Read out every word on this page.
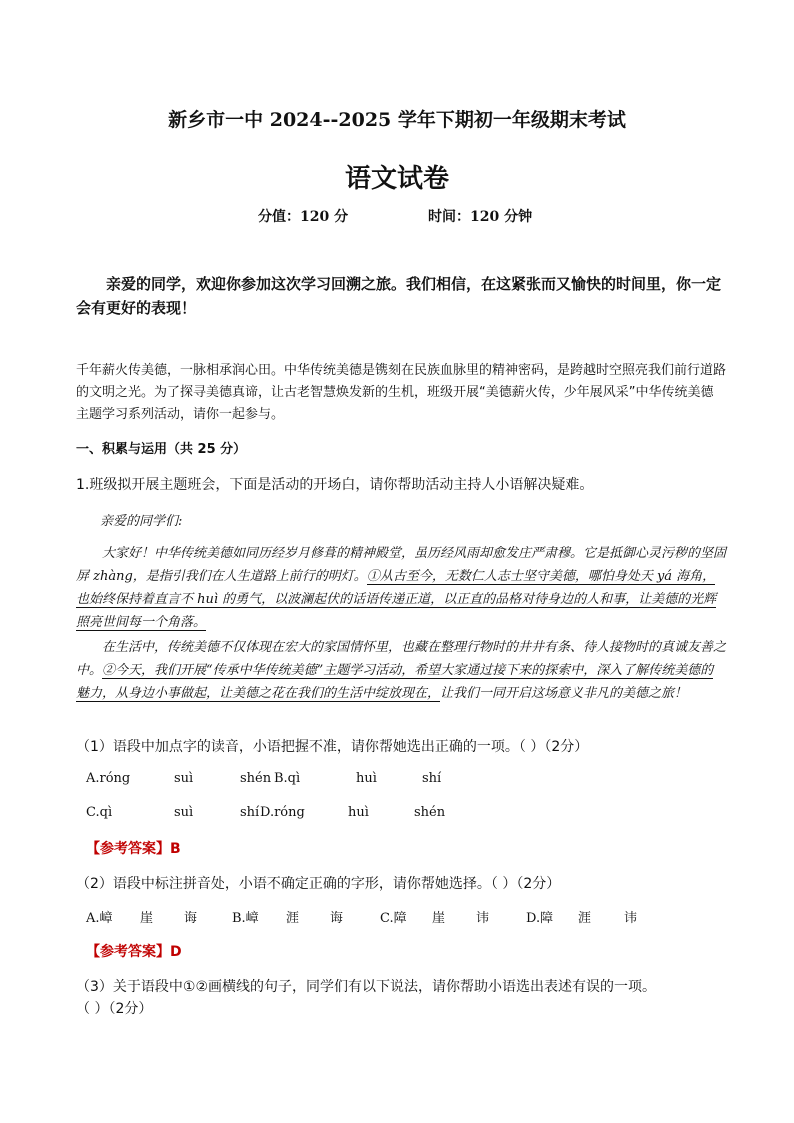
新乡市一中 2024--2025 学年下期初一年级期末考试
语文试卷
分值：120 分	时间：120 分钟
亲爱的同学，欢迎你参加这次学习回溯之旅。我们相信，在这紧张而又愉快的时间里，你一定会有更好的表现！
千年薪火传美德，一脉相承润心田。中华传统美德是镌刻在民族血脉里的精神密码，是跨越时空照亮我们前行道路的文明之光。为了探寻美德真谛，让古老智慧焕发新的生机，班级开展“美德薪火传，少年展风采”中华传统美德主题学习系列活动，请你一起参与。
一、积累与运用（共 25 分）
1.班级拟开展主题班会，下面是活动的开场白，请你帮助活动主持人小语解决疑难。
亲爱的同学们:
大家好！中华传统美德如同历经岁月修葺的精神殿堂，虽历经风雨却愈发庄严肃穆。它是抵御心灵污秽的坚固屏 zhàng，是指引我们在人生道路上前行的明灯。①从古至今，无数仁人志士坚守美德，哪怕身处天 yá 海角，也始终保持着直言不 huì 的勇气，以波澜起伏的话语传递正道，以正直的品格对待身边的人和事，让美德的光辉照亮世间每一个角落。
在生活中，传统美德不仅体现在宏大的家国情怀里，也藏在整理行物时的井井有条、待人接物时的真诚友善之中。②今天，我们开展“传承中华传统美德”主题学习活动，希望大家通过接下来的探索中，深入了解传统美德的魅力，从身边小事做起，让美德之花在我们的生活中绽放现在，让我们一同开启这场意义非凡的美德之旅！
（1）语段中加点字的读音，小语把握不准，请你帮她选出正确的一项。（ ）（2分）
A.róng	suì	shén B.qì	huì	shí
C.qì	suì	shí D.róng	huì	shén
【参考答案】B
（2）语段中标注拼音处，小语不确定正确的字形，请你帮她选择。（ ）（2分）
A.嶂 崖 诲	B.嶂 涯 诲	C.障 崖 讳	D.障 涯	讳
【参考答案】D
（3）关于语段中①②画横线的句子，同学们有以下说法，请你帮助小语选出表述有误的一项。
（ ）（2分）
